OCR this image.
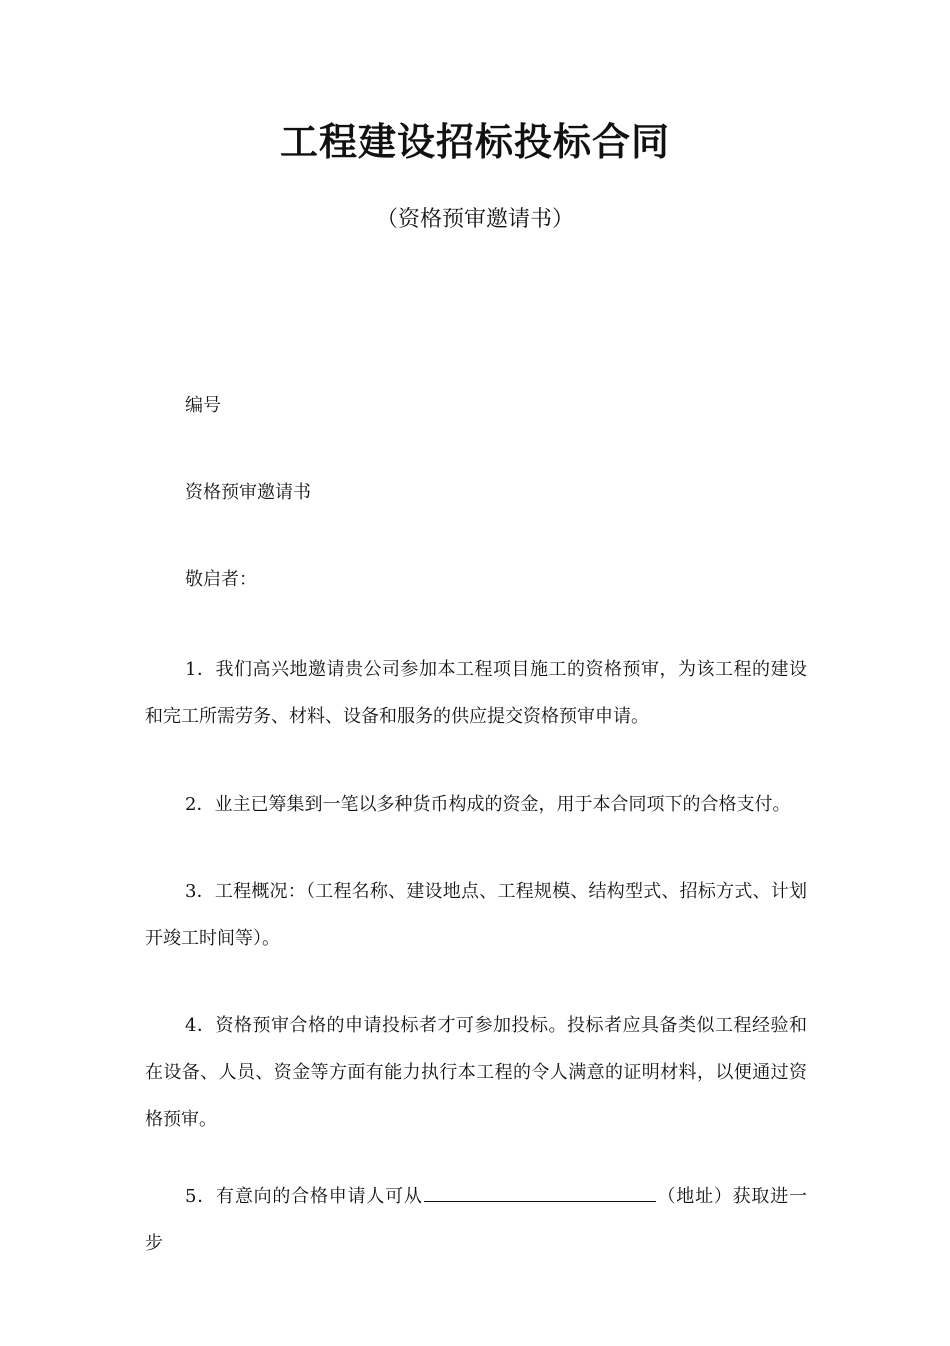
工程建设招标投标合同

（资格预审邀请书）

编号

资格预审邀请书

敬启者：

1．我们高兴地邀请贵公司参加本工程项目施工的资格预审，为该工程的建设和完工所需劳务、材料、设备和服务的供应提交资格预审申请。

2．业主已筹集到一笔以多种货币构成的资金，用于本合同项下的合格支付。

3．工程概况：（工程名称、建设地点、工程规模、结构型式、招标方式、计划开竣工时间等）。

4．资格预审合格的申请投标者才可参加投标。投标者应具备类似工程经验和在设备、人员、资金等方面有能力执行本工程的令人满意的证明材料，以便通过资格预审。

5．有意向的合格申请人可从	（地址）获取进一步
